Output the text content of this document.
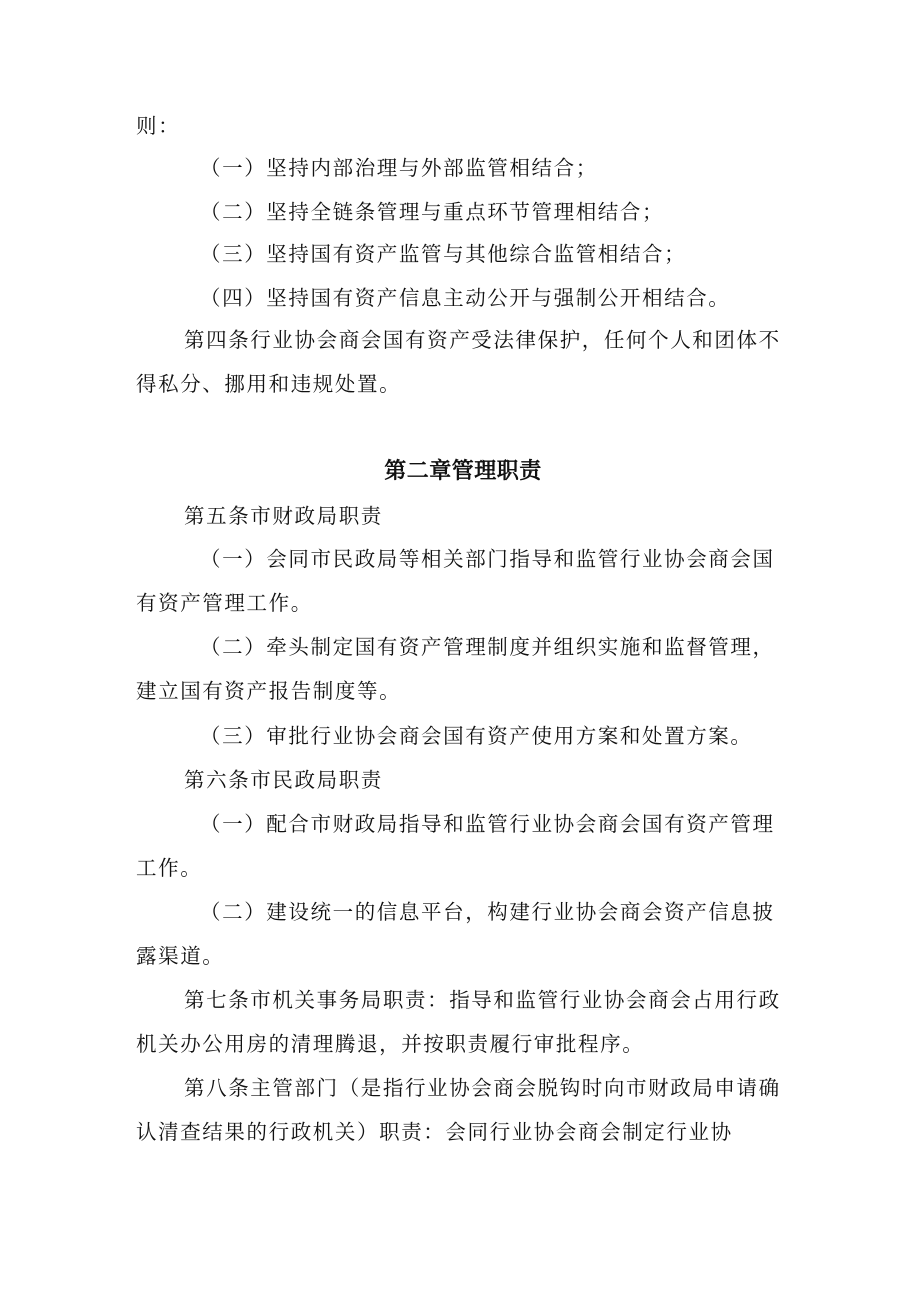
则：

（一）坚持内部治理与外部监管相结合；

（二）坚持全链条管理与重点环节管理相结合；

（三）坚持国有资产监管与其他综合监管相结合；

（四）坚持国有资产信息主动公开与强制公开相结合。

第四条行业协会商会国有资产受法律保护，任何个人和团体不得私分、挪用和违规处置。

第二章管理职责

第五条市财政局职责

（一）会同市民政局等相关部门指导和监管行业协会商会国有资产管理工作。

（二）牵头制定国有资产管理制度并组织实施和监督管理，建立国有资产报告制度等。

（三）审批行业协会商会国有资产使用方案和处置方案。

第六条市民政局职责

（一）配合市财政局指导和监管行业协会商会国有资产管理工作。

（二）建设统一的信息平台，构建行业协会商会资产信息披露渠道。

第七条市机关事务局职责：指导和监管行业协会商会占用行政机关办公用房的清理腾退，并按职责履行审批程序。

第八条主管部门（是指行业协会商会脱钩时向市财政局申请确认清查结果的行政机关）职责：会同行业协会商会制定行业协
